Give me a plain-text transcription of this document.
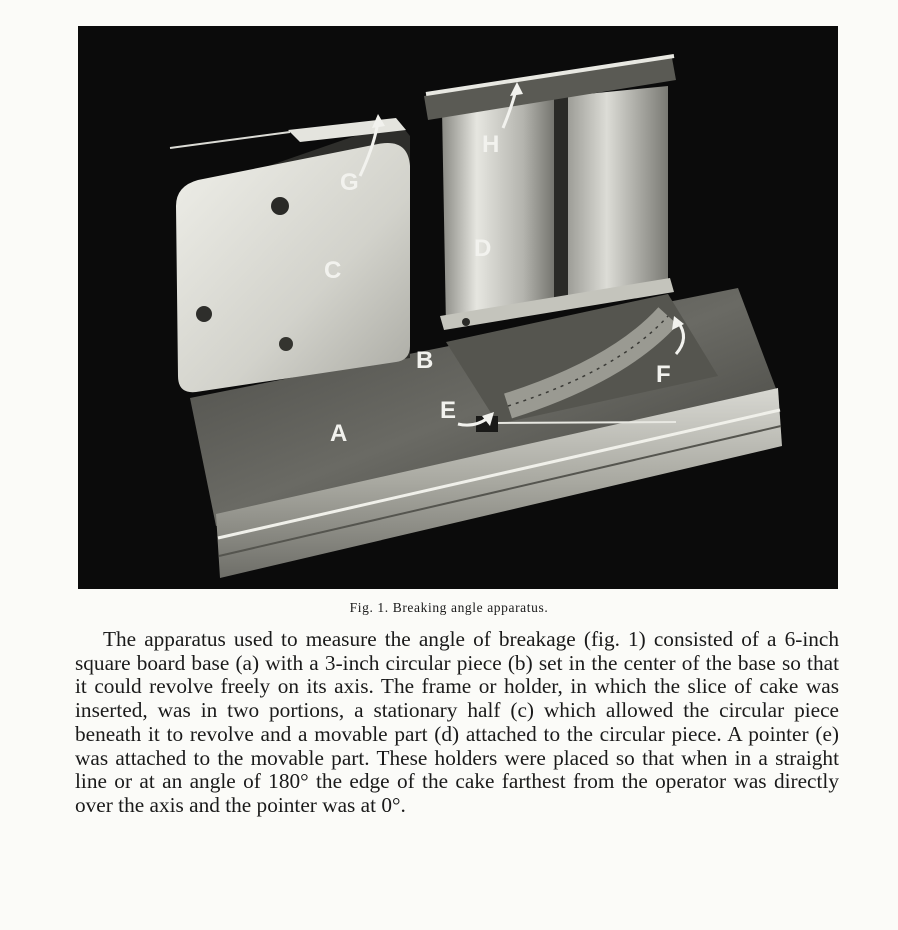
A
B
C
D
E
F
G
H
Fig. 1. Breaking angle apparatus.

The apparatus used to measure the angle of breakage (fig. 1) consisted of a 6-inch square board base (a) with a 3-inch circular piece (b) set in the center of the base so that it could revolve freely on its axis. The frame or holder, in which the slice of cake was inserted, was in two portions, a stationary half (c) which allowed the circular piece beneath it to revolve and a movable part (d) attached to the circular piece. A pointer (e) was attached to the movable part. These holders were placed so that when in a straight line or at an angle of 180° the edge of the cake farthest from the operator was directly over the axis and the pointer was at 0°.
